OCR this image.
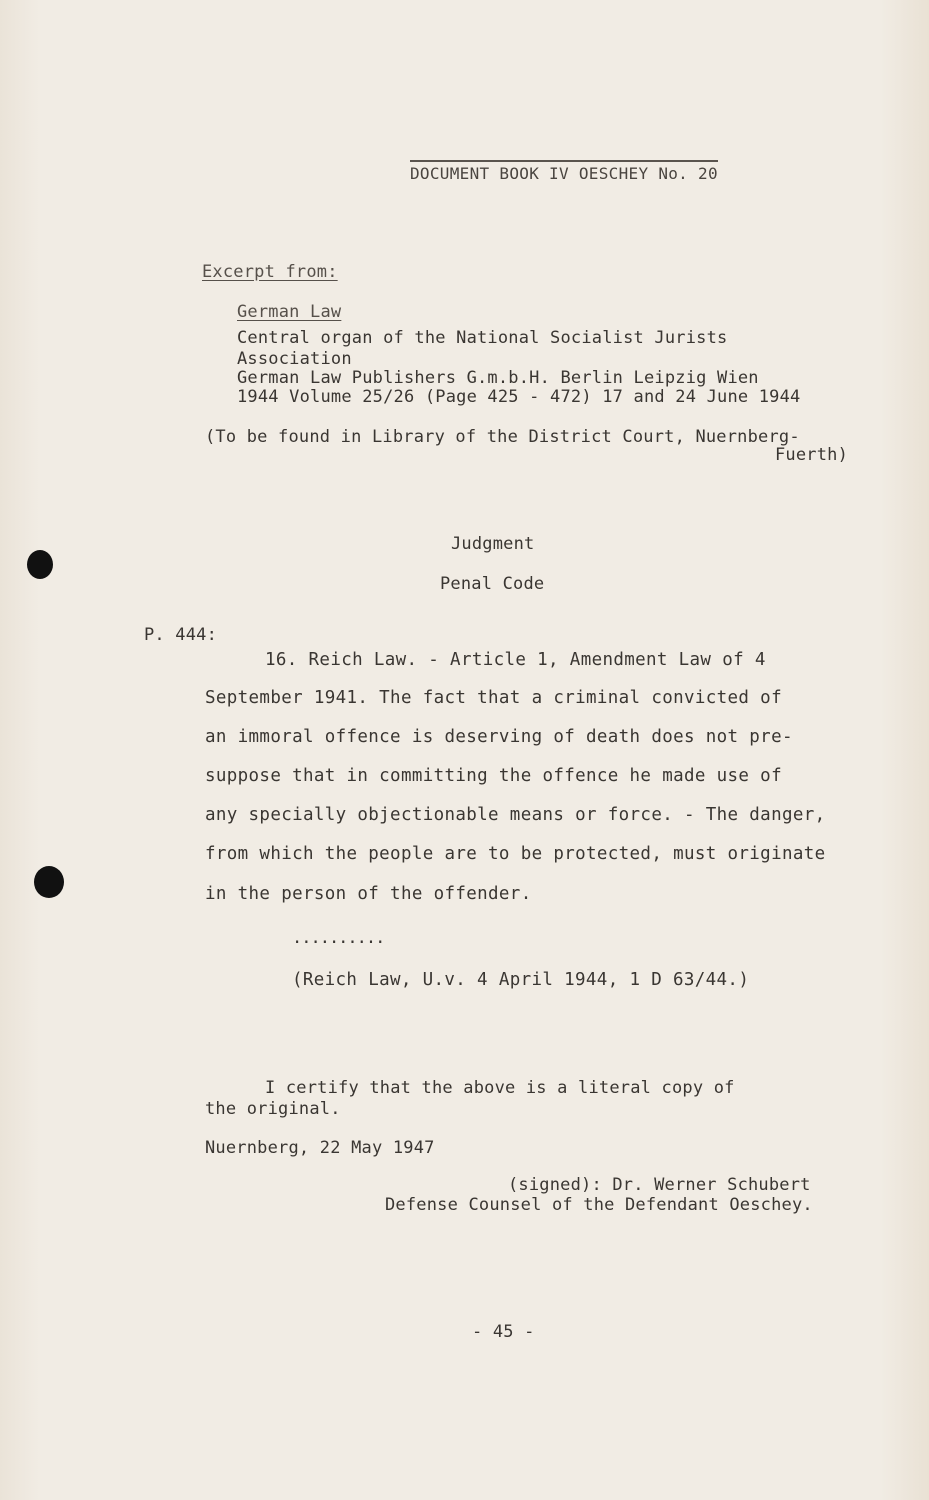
DOCUMENT BOOK IV OESCHEY No. 20
Excerpt from:
German Law
Central organ of the National Socialist Jurists
Association
German Law Publishers G.m.b.H. Berlin Leipzig Wien
1944 Volume 25/26 (Page 425 - 472) 17 and 24 June 1944
(To be found in Library of the District Court, Nuernberg-
Fuerth)
Judgment
Penal Code
P. 444:
16. Reich Law. - Article 1, Amendment Law of 4
September 1941. The fact that a criminal convicted of
an immoral offence is deserving of death does not pre-
suppose that in committing the offence he made use of
any specially objectionable means or force. - The danger,
from which the people are to be protected, must originate
in the person of the offender.
..........
(Reich Law, U.v. 4 April 1944, 1 D 63/44.)
I certify that the above is a literal copy of
the original.
Nuernberg, 22 May 1947
(signed): Dr. Werner Schubert
Defense Counsel of the Defendant Oeschey.
- 45 -
